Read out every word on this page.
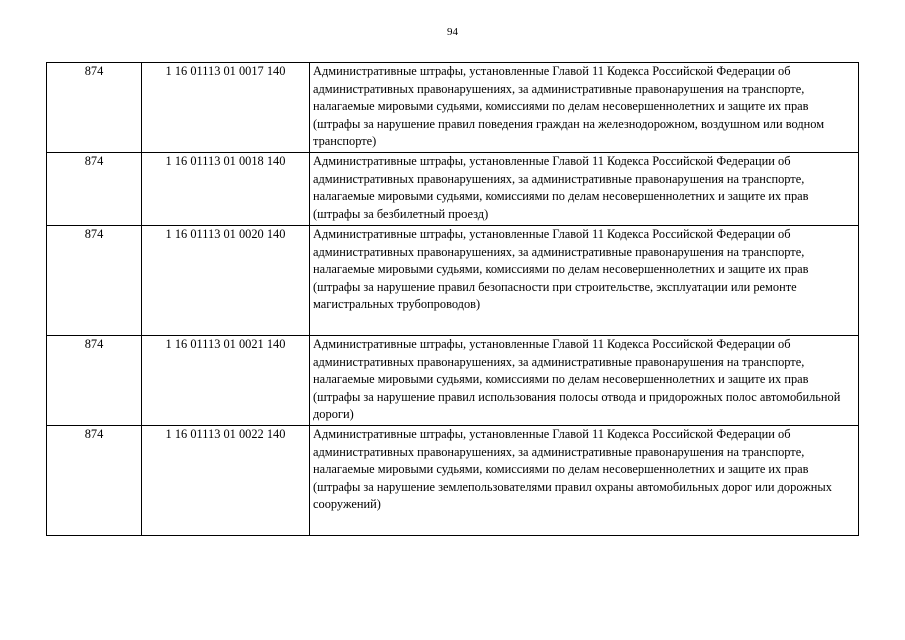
94
874	1 16 01113 01 0017 140	Административные штрафы, установленные Главой 11 Кодекса Российской Федерации об административных правонарушениях, за административные правонарушения на транспорте, налагаемые мировыми судьями, комиссиями по делам несовершеннолетних и защите их прав (штрафы за нарушение правил поведения граждан на железнодорожном, воздушном или водном транспорте)
874	1 16 01113 01 0018 140	Административные штрафы, установленные Главой 11 Кодекса Российской Федерации об административных правонарушениях, за административные правонарушения на транспорте, налагаемые мировыми судьями, комиссиями по делам несовершеннолетних и защите их прав (штрафы за безбилетный проезд)
874	1 16 01113 01 0020 140	Административные штрафы, установленные Главой 11 Кодекса Российской Федерации об административных правонарушениях, за административные правонарушения на транспорте, налагаемые мировыми судьями, комиссиями по делам несовершеннолетних и защите их прав (штрафы за нарушение правил безопасности при строительстве, эксплуатации или ремонте магистральных трубопроводов)
874	1 16 01113 01 0021 140	Административные штрафы, установленные Главой 11 Кодекса Российской Федерации об административных правонарушениях, за административные правонарушения на транспорте, налагаемые мировыми судьями, комиссиями по делам несовершеннолетних и защите их прав (штрафы за нарушение правил использования полосы отвода и придорожных полос автомобильной дороги)
874	1 16 01113 01 0022 140	Административные штрафы, установленные Главой 11 Кодекса Российской Федерации об административных правонарушениях, за административные правонарушения на транспорте, налагаемые мировыми судьями, комиссиями по делам несовершеннолетних и защите их прав (штрафы за нарушение землепользователями правил охраны автомобильных дорог или дорожных сооружений)
